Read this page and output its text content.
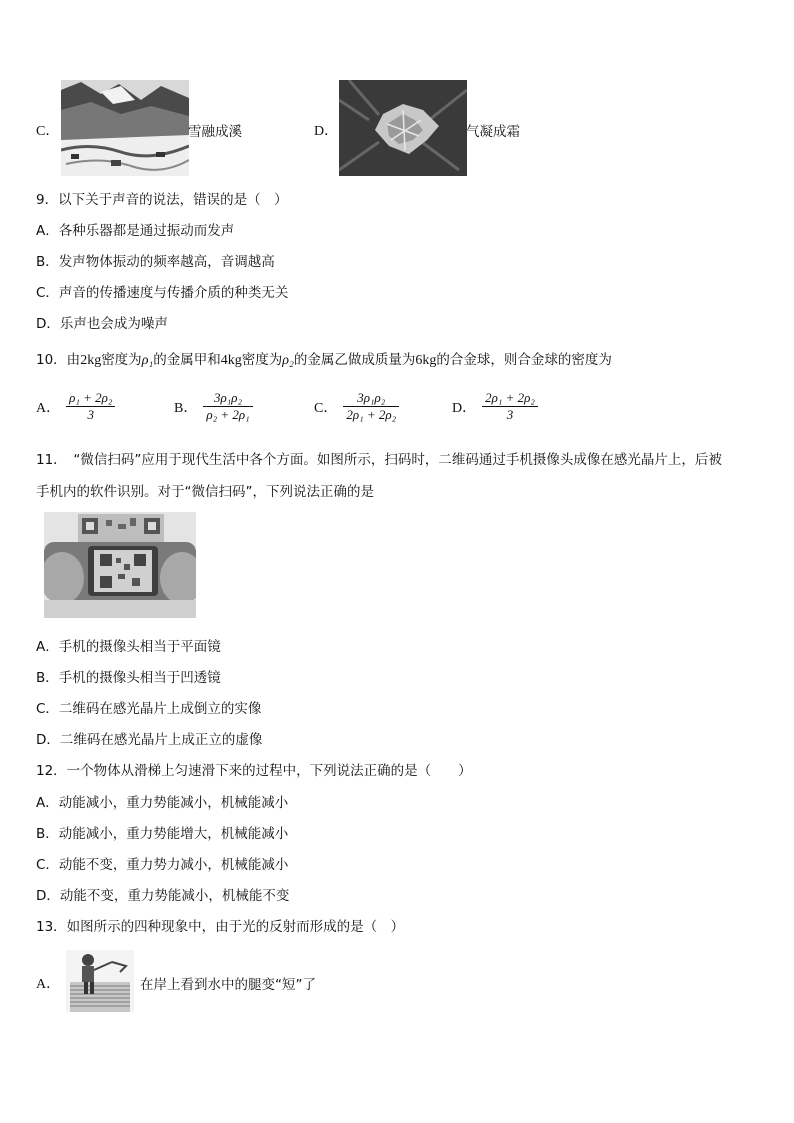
C．	雪融成溪	D．	气凝成霜
9．以下关于声音的说法，错误的是（　）
A．各种乐器都是通过振动而发声
B．发声物体振动的频率越高，音调越高
C．声音的传播速度与传播介质的种类无关
D．乐声也会成为噪声
10．由2kg密度为ρ₁的金属甲和4kg密度为ρ₂的金属乙做成质量为6kg的合金球，则合金球的密度为
A． $\frac{\text{ρ₁ + 2ρ₂}}{3}$	B． $\frac{\text{3ρ₁ρ₂}}{\text{ρ₂ + 2ρ₁}}$	C． $\frac{\text{3ρ₁ρ₂}}{\text{2ρ₁ + 2ρ₂}}$	D． $\frac{\text{2ρ₁ + 2ρ₂}}{3}$
11．　“微信扫码”应用于现代生活中各个方面。如图所示，扫码时，二维码通过手机摄像头成像在感光晶片上，后被
手机内的软件识别。对于“微信扫码”，下列说法正确的是
A．手机的摄像头相当于平面镜
B．手机的摄像头相当于凹透镜
C．二维码在感光晶片上成倒立的实像
D．二维码在感光晶片上成正立的虚像
12．一个物体从滑梯上匀速滑下来的过程中，下列说法正确的是（　　）
A．动能减小，重力势能减小，机械能减小
B．动能减小，重力势能增大，机械能减小
C．动能不变，重力势力减小，机械能减小
D．动能不变，重力势能减小，机械能不变
13．如图所示的四种现象中，由于光的反射而形成的是（　）
A．	在岸上看到水中的腿变“短”了
